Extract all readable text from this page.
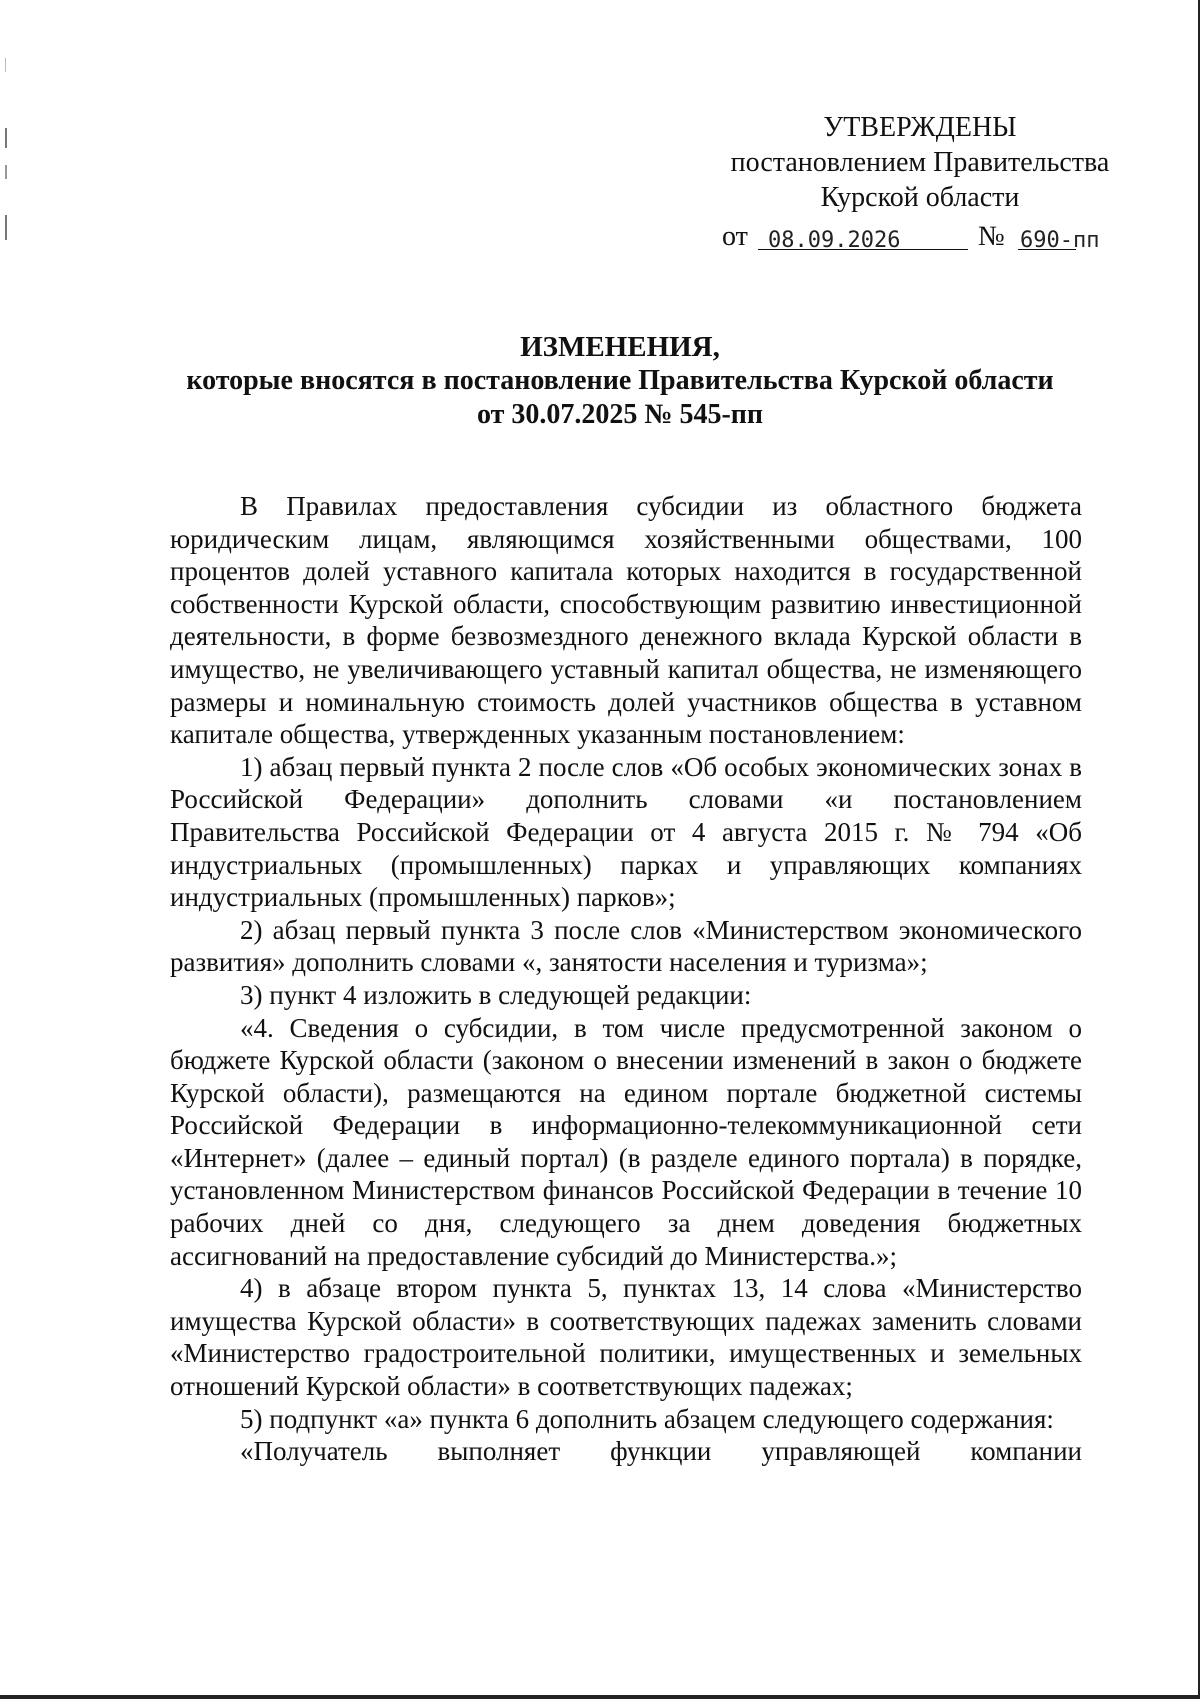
УТВЕРЖДЕНЫ
постановлением Правительства
Курской области
от 08.09.2026	№ 690-пп
ИЗМЕНЕНИЯ,
которые вносятся в постановление Правительства Курской области
от 30.07.2025 № 545-пп

В Правилах предоставления субсидии из областного бюджета юридическим лицам, являющимся хозяйственными обществами, 100 процентов долей уставного капитала которых находится в государственной собственности Курской области, способствующим развитию инвестиционной деятельности, в форме безвозмездного денежного вклада Курской области в имущество, не увеличивающего уставный капитал общества, не изменяющего размеры и номинальную стоимость долей участников общества в уставном капитале общества, утвержденных указанным постановлением:

1) абзац первый пункта 2 после слов «Об особых экономических зонах в Российской Федерации» дополнить словами «и постановлением Правительства Российской Федерации от 4 августа 2015 г. № 794 «Об индустриальных (промышленных) парках и управляющих компаниях индустриальных (промышленных) парков»;

2) абзац первый пункта 3 после слов «Министерством экономического развития» дополнить словами «, занятости населения и туризма»;

3) пункт 4 изложить в следующей редакции:

«4. Сведения о субсидии, в том числе предусмотренной законом о бюджете Курской области (законом о внесении изменений в закон о бюджете Курской области), размещаются на едином портале бюджетной системы Российской Федерации в информационно-телекоммуникационной сети «Интернет» (далее – единый портал) (в разделе единого портала) в порядке, установленном Министерством финансов Российской Федерации в течение 10 рабочих дней со дня, следующего за днем доведения бюджетных ассигнований на предоставление субсидий до Министерства.»;

4) в абзаце втором пункта 5, пунктах 13, 14 слова «Министерство имущества Курской области» в соответствующих падежах заменить словами «Министерство градостроительной политики, имущественных и земельных отношений Курской области» в соответствующих падежах;

5) подпункт «а» пункта 6 дополнить абзацем следующего содержания:

«Получатель выполняет функции управляющей компании
